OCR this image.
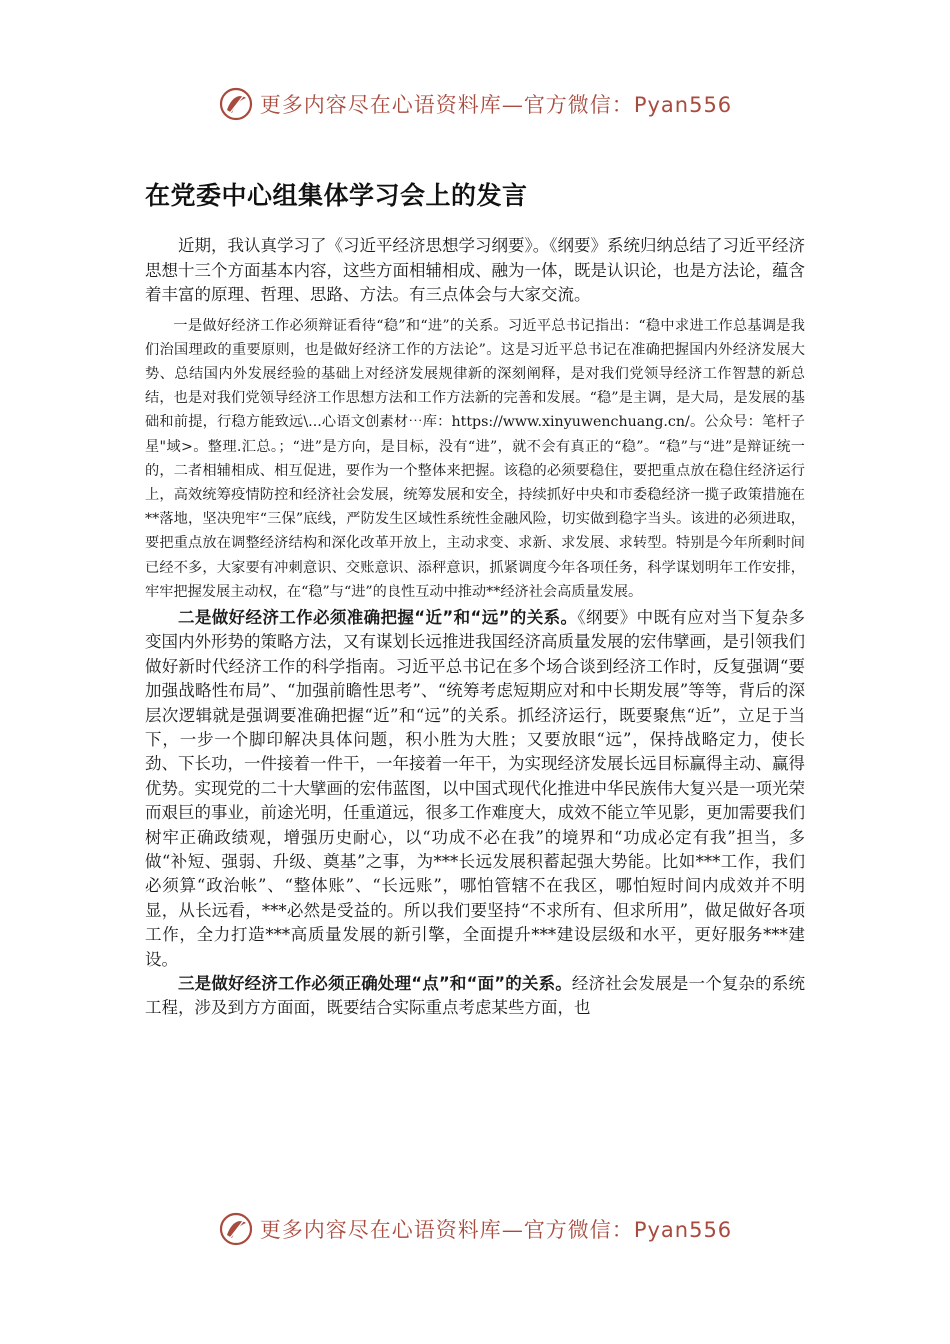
更多内容尽在心语资料库—官方微信：Pyan556
在党委中心组集体学习会上的发言

近期，我认真学习了《习近平经济思想学习纲要》。《纲要》系统归纳总结了习近平经济思想十三个方面基本内容，这些方面相辅相成、融为一体，既是认识论，也是方法论，蕴含着丰富的原理、哲理、思路、方法。有三点体会与大家交流。

一是做好经济工作必须辩证看待“稳”和“进”的关系。习近平总书记指出：“稳中求进工作总基调是我们治国理政的重要原则，也是做好经济工作的方法论”。这是习近平总书记在准确把握国内外经济发展大势、总结国内外发展经验的基础上对经济发展规律新的深刻阐释，是对我们党领导经济工作智慧的新总结，也是对我们党领导经济工作思想方法和工作方法新的完善和发展。“稳”是主调，是大局，是发展的基础和前提，行稳方能致远\...心语文创素材⋯库：https://www.xinyuwenchuang.cn/。公众号：笔杆子星"域>。整理.汇总。；“进”是方向，是目标，没有“进”，就不会有真正的“稳”。“稳”与“进”是辩证统一的，二者相辅相成、相互促进，要作为一个整体来把握。该稳的必须要稳住，要把重点放在稳住经济运行上，高效统筹疫情防控和经济社会发展，统筹发展和安全，持续抓好中央和市委稳经济一揽子政策措施在**落地，坚决兜牢“三保”底线，严防发生区域性系统性金融风险，切实做到稳字当头。该进的必须进取，要把重点放在调整经济结构和深化改革开放上，主动求变、求新、求发展、求转型。特别是今年所剩时间已经不多，大家要有冲刺意识、交账意识、添秤意识，抓紧调度今年各项任务，科学谋划明年工作安排，牢牢把握发展主动权，在“稳”与“进”的良性互动中推动**经济社会高质量发展。

二是做好经济工作必须准确把握“近”和“远”的关系。《纲要》中既有应对当下复杂多变国内外形势的策略方法，又有谋划长远推进我国经济高质量发展的宏伟擘画，是引领我们做好新时代经济工作的科学指南。习近平总书记在多个场合谈到经济工作时，反复强调“要加强战略性布局”、“加强前瞻性思考”、“统筹考虑短期应对和中长期发展”等等，背后的深层次逻辑就是强调要准确把握“近”和“远”的关系。抓经济运行，既要聚焦“近”，立足于当下，一步一个脚印解决具体问题，积小胜为大胜；又要放眼“远”，保持战略定力，使长劲、下长功，一件接着一件干，一年接着一年干，为实现经济发展长远目标赢得主动、赢得优势。实现党的二十大擘画的宏伟蓝图，以中国式现代化推进中华民族伟大复兴是一项光荣而艰巨的事业，前途光明，任重道远，很多工作难度大，成效不能立竿见影，更加需要我们树牢正确政绩观，增强历史耐心，以“功成不必在我”的境界和“功成必定有我”担当，多做“补短、强弱、升级、奠基”之事，为***长远发展积蓄起强大势能。比如***工作，我们必须算“政治帐”、“整体账”、“长远账”，哪怕管辖不在我区，哪怕短时间内成效并不明显，从长远看，***必然是受益的。所以我们要坚持“不求所有、但求所用”，做足做好各项工作，全力打造***高质量发展的新引擎，全面提升***建设层级和水平，更好服务***建设。

三是做好经济工作必须正确处理“点”和“面”的关系。经济社会发展是一个复杂的系统工程，涉及到方方面面，既要结合实际重点考虑某些方面，也

更多内容尽在心语资料库—官方微信：Pyan556
